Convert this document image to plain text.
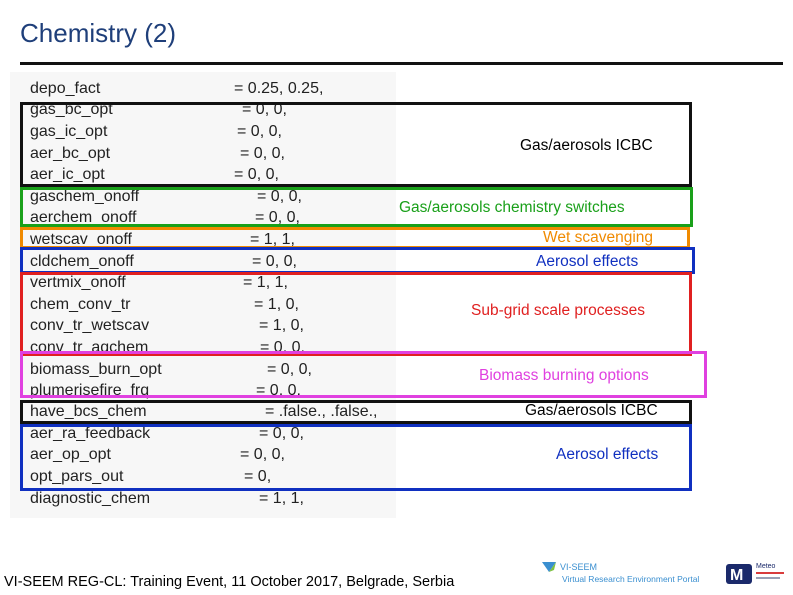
Chemistry (2)
depo_fact
gas_bc_opt
gas_ic_opt
aer_bc_opt
aer_ic_opt
gaschem_onoff
aerchem_onoff
wetscav_onoff
cldchem_onoff
vertmix_onoff
chem_conv_tr
conv_tr_wetscav
conv_tr_aqchem
biomass_burn_opt
plumerisefire_frq
have_bcs_chem
aer_ra_feedback
aer_op_opt
opt_pars_out
diagnostic_chem
= 0.25, 0.25,
= 0, 0,
= 0, 0,
= 0, 0,
= 0, 0,
= 0, 0,
= 0, 0,
= 1, 1,
= 0, 0,
= 1, 1,
= 1, 0,
= 1, 0,
= 0, 0,
= 0, 0,
= 0, 0,
= .false., .false.,
= 0, 0,
= 0, 0,
= 0,
= 1, 1,
Gas/aerosols ICBC
Gas/aerosols chemistry switches
Wet scavenging
Aerosol effects
Sub-grid scale processes
Biomass burning options
Gas/aerosols ICBC
Aerosol effects
VI-SEEM REG-CL: Training Event, 11 October 2017, Belgrade, Serbia
VI-SEEM
Virtual Research Environment Portal M
Meteo
